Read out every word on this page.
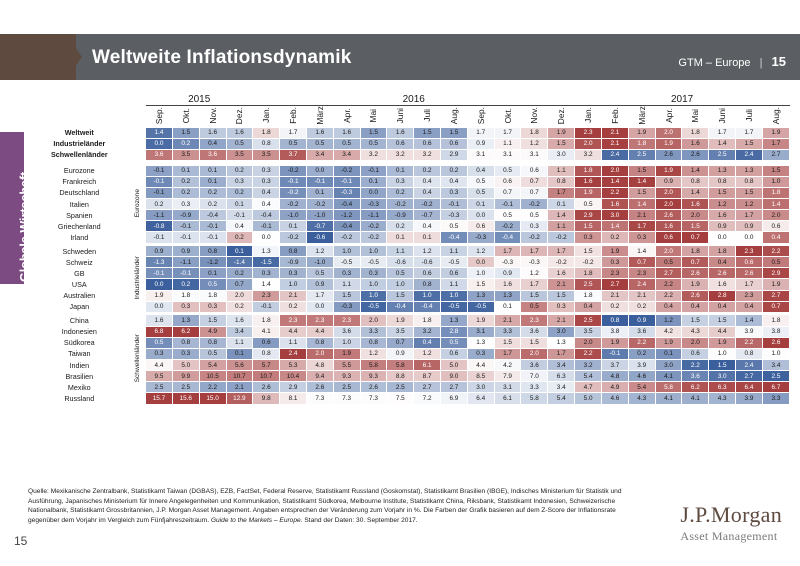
Weltweite Inflationsdynamik	GTM – Europe | 15
Globale Wirtschaft
		2015				2016												2017							
		Sep.	Okt.	Nov.	Dez.	Jan.	Feb.	März	Apr.	Mai	Juni	Juli	Aug.	Sep.	Okt.	Nov.	Dez.	Jan.	Feb.	März	Apr.	Mai	Juni	Juli	Aug.
Weltweit		1.4	1.5	1.6	1.6	1.8	1.7	1.6	1.6	1.5	1.6	1.5	1.5	1.7	1.7	1.8	1.9	2.3	2.1	1.9	2.0	1.8	1.7	1.7	1.9
Industrieländer		0.0	0.2	0.4	0.5	0.8	0.5	0.5	0.5	0.5	0.6	0.6	0.6	0.9	1.1	1.2	1.5	2.0	2.1	1.8	1.9	1.6	1.4	1.5	1.7
Schwellenländer		3.6	3.5	3.6	3.5	3.5	3.7	3.4	3.4	3.2	3.2	3.2	2.9	3.1	3.1	3.1	3.0	3.2	2.4	2.5	2.6	2.6	2.5	2.4	2.7

Eurozone	Eurozone	-0.1	0.1	0.1	0.2	0.3	-0.2	0.0	-0.2	-0.1	0.1	0.2	0.2	0.4	0.5	0.6	1.1	1.8	2.0	1.5	1.9	1.4	1.3	1.3	1.5
Frankreich		-0.1	0.2	0.1	0.3	0.3	-0.1	-0.1	-0.1	0.1	0.3	0.4	0.4	0.5	0.6	0.7	0.8	1.6	1.4	1.4	0.9	0.8	0.8	0.8	1.0
Deutschland		-0.1	0.2	0.2	0.2	0.4	-0.2	0.1	-0.3	0.0	0.2	0.4	0.3	0.5	0.7	0.7	1.7	1.9	2.2	1.5	2.0	1.4	1.5	1.5	1.8
Italien		0.2	0.3	0.2	0.1	0.4	-0.2	-0.2	-0.4	-0.3	-0.2	-0.2	-0.1	0.1	-0.1	-0.2	0.1	0.5	1.6	1.4	2.0	1.6	1.2	1.2	1.4
Spanien		-1.1	-0.9	-0.4	-0.1	-0.4	-1.0	-1.0	-1.2	-1.1	-0.9	-0.7	-0.3	0.0	0.5	0.5	1.4	2.9	3.0	2.1	2.6	2.0	1.6	1.7	2.0
Griechenland		-0.8	-0.1	-0.1	0.4	-0.1	0.1	-0.7	-0.4	-0.2	0.2	0.4	0.5	0.6	-0.2	0.3	1.1	1.5	1.4	1.7	1.6	1.5	0.9	0.9	0.6
Irland		-0.1	-0.1	-0.1	0.2	0.0	-0.2	-0.6	-0.2	-0.2	0.1	0.1	-0.4	-0.3	-0.4	-0.2	-0.2	0.3	0.2	0.3	0.6	0.7	0.0	0.0	0.4

Schweden	Industrieländer	0.9	0.9	0.8	0.1	1.3	0.8	1.2	1.0	1.0	1.1	1.2	1.1	1.2	1.7	1.7	1.7	1.5	1.9	1.4	2.0	1.8	1.8	2.3	2.2
Schweiz		-1.3	-1.1	-1.2	-1.4	-1.5	-0.9	-1.0	-0.5	-0.5	-0.6	-0.6	-0.5	0.0	-0.3	-0.3	-0.2	-0.2	0.3	0.7	0.5	0.7	0.4	0.6	0.5
GB		-0.1	-0.1	0.1	0.2	0.3	0.3	0.5	0.3	0.3	0.5	0.6	0.6	1.0	0.9	1.2	1.6	1.8	2.3	2.3	2.7	2.6	2.6	2.6	2.9
USA		0.0	0.2	0.5	0.7	1.4	1.0	0.9	1.1	1.0	1.0	0.8	1.1	1.5	1.6	1.7	2.1	2.5	2.7	2.4	2.2	1.9	1.6	1.7	1.9
Australien		1.9	1.8	1.8	2.0	2.3	2.1	1.7	1.5	1.0	1.5	1.0	1.0	1.3	1.3	1.5	1.5	1.8	2.1	2.1	2.2	2.6	2.8	2.3	2.7
Japan		0.0	0.3	0.3	0.2	-0.1	0.2	0.0	-0.3	-0.5	-0.4	-0.4	-0.5	-0.5	0.1	0.5	0.3	0.4	0.2	0.2	0.4	0.4	0.4	0.4	0.7

China	Schwellenländer	1.6	1.3	1.5	1.6	1.8	2.3	2.3	2.3	2.0	1.9	1.8	1.3	1.9	2.1	2.3	2.1	2.5	0.8	0.9	1.2	1.5	1.5	1.4	1.8
Indonesien		6.8	6.2	4.9	3.4	4.1	4.4	4.4	3.6	3.3	3.5	3.2	2.8	3.1	3.3	3.6	3.0	3.5	3.8	3.6	4.2	4.3	4.4	3.9	3.8
Südkorea		0.5	0.8	0.8	1.1	0.6	1.1	0.8	1.0	0.8	0.7	0.4	0.5	1.3	1.5	1.5	1.3	2.0	1.9	2.2	1.9	2.0	1.9	2.2	2.6
Taiwan		0.3	0.3	0.5	0.1	0.8	2.4	2.0	1.9	1.2	0.9	1.2	0.6	0.3	1.7	2.0	1.7	2.2	-0.1	0.2	0.1	0.6	1.0	0.8	1.0
Indien		4.4	5.0	5.4	5.6	5.7	5.3	4.8	5.5	5.8	5.8	6.1	5.0	4.4	4.2	3.6	3.4	3.2	3.7	3.9	3.0	2.2	1.5	2.4	3.4
Brasilien		9.5	9.9	10.5	10.7	10.7	10.4	9.4	9.3	9.3	8.8	8.7	9.0	8.5	7.9	7.0	6.3	5.4	4.8	4.6	4.1	3.6	3.0	2.7	2.5
Mexiko		2.5	2.5	2.2	2.1	2.6	2.9	2.6	2.5	2.6	2.5	2.7	2.7	3.0	3.1	3.3	3.4	4.7	4.9	5.4	5.8	6.2	6.3	6.4	6.7
Russland		15.7	15.6	15.0	12.9	9.8	8.1	7.3	7.3	7.3	7.5	7.2	6.9	6.4	6.1	5.8	5.4	5.0	4.6	4.3	4.1	4.1	4.3	3.9	3.3
Quelle: Mexikanische Zentralbank, Statistikamt Taiwan (DGBAS), EZB, FactSet, Federal Reserve, Statistikamt Russland (Goskomstat), Statistikamt Brasilien (IBGE), Indisches Ministerium für Statistik und Ausführung, Japanisches Ministerium für Innere Angelegenheiten und Kommunikation, Statistikamt Südkorea, Melbourne Institute, Statistikamt China, Riksbank, Statistikamt Indonesien, Schweizerische Nationalbank, Statistikamt Grossbritannien, J.P. Morgan Asset Management. Angaben entsprechen der Veränderung zum Vorjahr in %. Die Farben der Grafik basieren auf dem Z-Score der Inflationsrate gegenüber dem Vorjahr im Vergleich zum Fünfjahreszeitraum. Guide to the Markets – Europe. Stand der Daten: 30. September 2017.	J.P.Morgan
Asset Management
15
